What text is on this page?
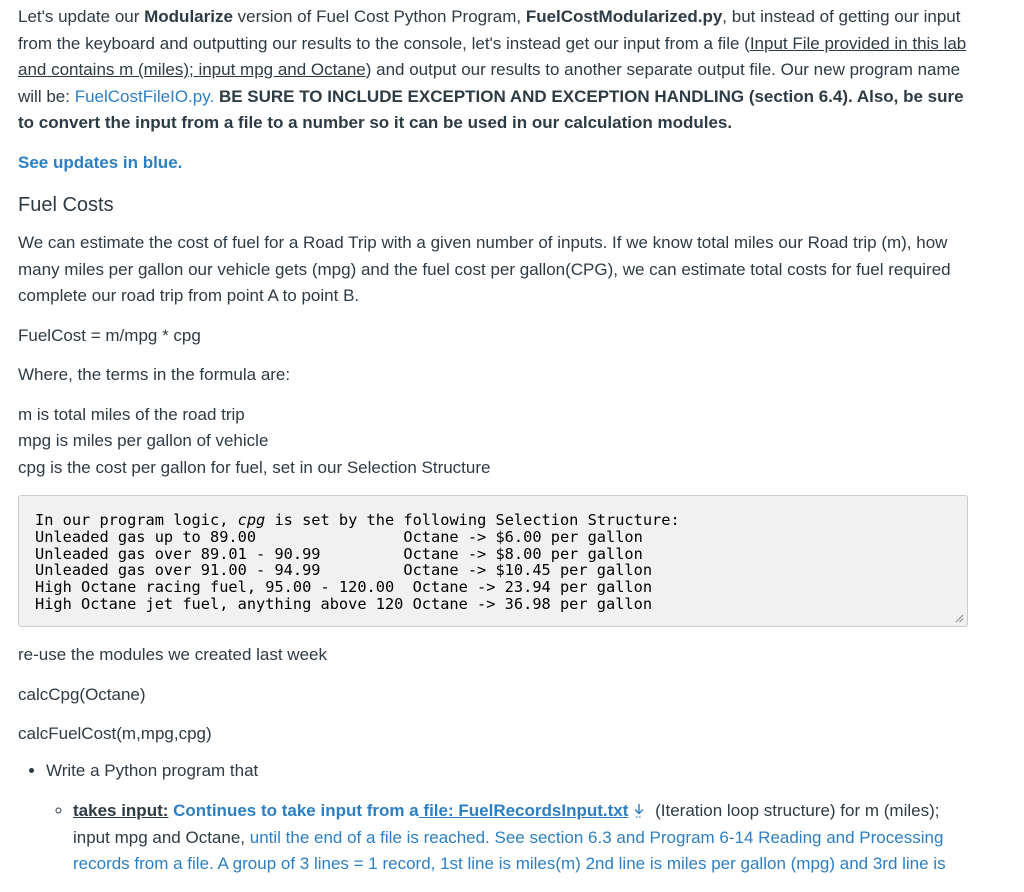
Let's update our Modularize version of Fuel Cost Python Program, FuelCostModularized.py, but instead of getting our input from the keyboard and outputting our results to the console, let's instead get our input from a file (Input File provided in this lab and contains m (miles); input mpg and Octane) and output our results to another separate output file. Our new program name will be: FuelCostFileIO.py. BE SURE TO INCLUDE EXCEPTION AND EXCEPTION HANDLING (section 6.4). Also, be sure to convert the input from a file to a number so it can be used in our calculation modules.

See updates in blue.

Fuel Costs

We can estimate the cost of fuel for a Road Trip with a given number of inputs. If we know total miles our Road trip (m), how many miles per gallon our vehicle gets (mpg) and the fuel cost per gallon(CPG), we can estimate total costs for fuel required complete our road trip from point A to point B.

FuelCost = m/mpg * cpg

Where, the terms in the formula are:

m is total miles of the road trip

mpg is miles per gallon of vehicle

cpg is the cost per gallon for fuel, set in our Selection Structure

In our program logic, cpg is set by the following Selection Structure:
Unleaded gas up to 89.00                Octane -> $6.00 per gallon
Unleaded gas over 89.01 - 90.99         Octane -> $8.00 per gallon
Unleaded gas over 91.00 - 94.99         Octane -> $10.45 per gallon
High Octane racing fuel, 95.00 - 120.00  Octane -> 23.94 per gallon
High Octane jet fuel, anything above 120 Octane -> 36.98 per gallon

re-use the modules we created last week

calcCpg(Octane)

calcFuelCost(m,mpg,cpg)

• Write a Python program that
◦ takes input: Continues to take input from a file: FuelRecordsInput.txt (Iteration loop structure) for m (miles); input mpg and Octane, until the end of a file is reached. See section 6.3 and Program 6-14 Reading and Processing records from a file. A group of 3 lines = 1 record, 1st line is miles(m) 2nd line is miles per gallon (mpg) and 3rd line is
